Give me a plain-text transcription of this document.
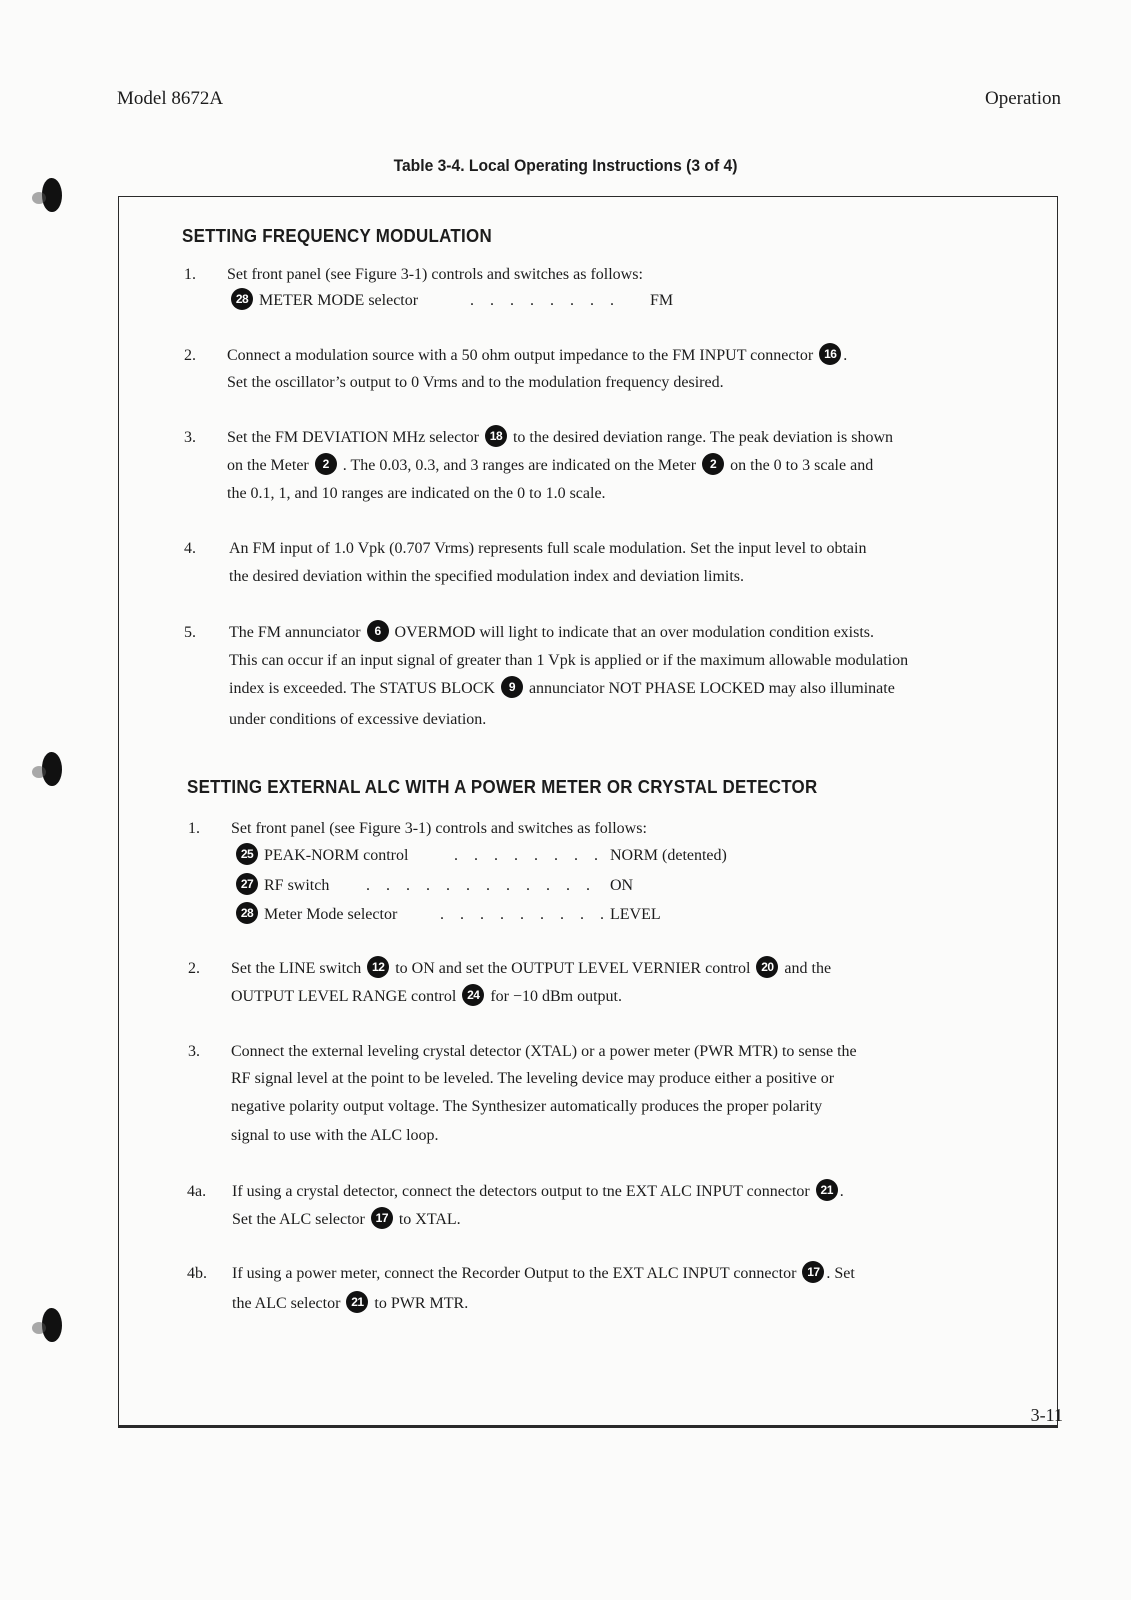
Model 8672A	Operation
Table 3-4. Local Operating Instructions (3 of 4)
SETTING FREQUENCY MODULATION
1. Set front panel (see Figure 3-1) controls and switches as follows:
28 METER MODE selector	. . . . . . . . FM
2. Connect a modulation source with a 50 ohm output impedance to the FM INPUT connector 16 .
Set the oscillator’s output to 0 Vrms and to the modulation frequency desired.
3. Set the FM DEVIATION MHz selector 18 to the desired deviation range. The peak deviation is shown
on the Meter 2 . The 0.03, 0.3, and 3 ranges are indicated on the Meter 2 on the 0 to 3 scale and
the 0.1, 1, and 10 ranges are indicated on the 0 to 1.0 scale.
4. An FM input of 1.0 Vpk (0.707 Vrms) represents full scale modulation. Set the input level to obtain
the desired deviation within the specified modulation index and deviation limits.
5. The FM annunciator 6 OVERMOD will light to indicate that an over modulation condition exists.
This can occur if an input signal of greater than 1 Vpk is applied or if the maximum allowable modulation
index is exceeded. The STATUS BLOCK 9 annunciator NOT PHASE LOCKED may also illuminate
under conditions of excessive deviation.
SETTING EXTERNAL ALC WITH A POWER METER OR CRYSTAL DETECTOR
1. Set front panel (see Figure 3-1) controls and switches as follows:
25 PEAK-NORM control	. . . . . . . . NORM (detented)
27 RF switch . . . . . . . . . . . . ON
28 Meter Mode selector	. . . . . . . . . LEVEL
2. Set the LINE switch 12 to ON and set the OUTPUT LEVEL VERNIER control 20 and the
OUTPUT LEVEL RANGE control 24 for −10 dBm output.
3. Connect the external leveling crystal detector (XTAL) or a power meter (PWR MTR) to sense the
RF signal level at the point to be leveled. The leveling device may produce either a positive or
negative polarity output voltage. The Synthesizer automatically produces the proper polarity
signal to use with the ALC loop.
4a. If using a crystal detector, connect the detectors output to tne EXT ALC INPUT connector 21 .
Set the ALC selector 17 to XTAL.
4b. If using a power meter, connect the Recorder Output to the EXT ALC INPUT connector 17 . Set
the ALC selector 21 to PWR MTR.
3-11
